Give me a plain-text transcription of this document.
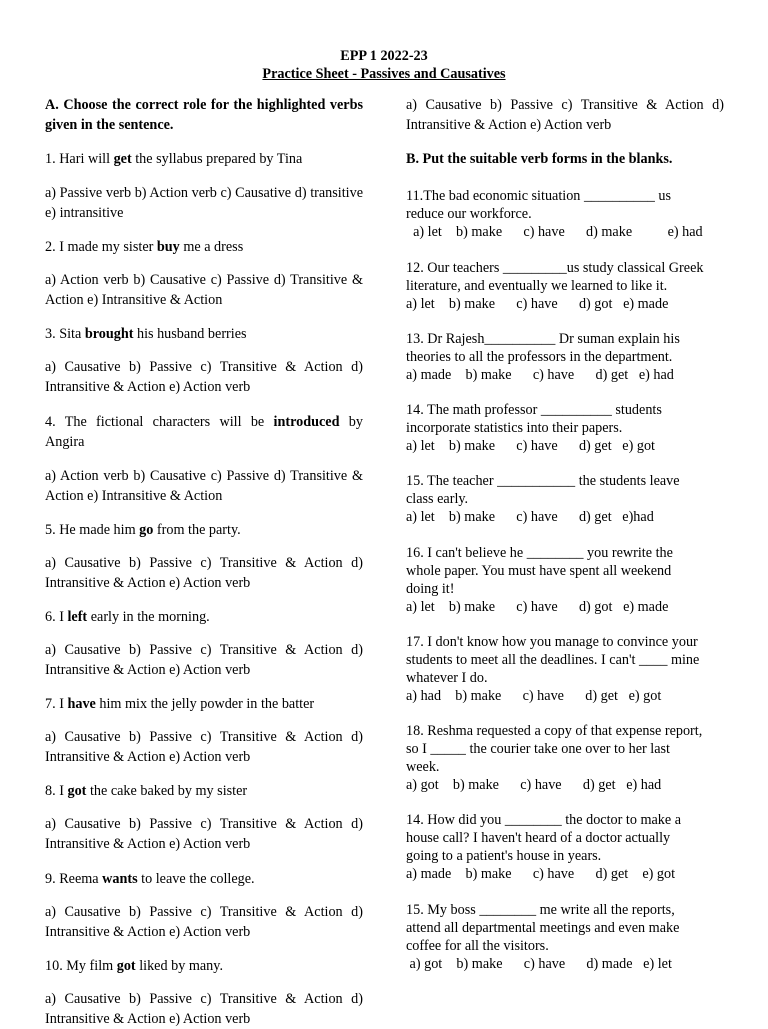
EPP 1 2022-23
Practice Sheet - Passives and Causatives
A. Choose the correct role for the highlighted verbs given in the sentence.
1. Hari will get the syllabus prepared by Tina
a) Passive verb b) Action verb c) Causative d) transitive e) intransitive
2. I made my sister buy me a dress
a) Action verb b) Causative c) Passive d) Transitive & Action e) Intransitive & Action
3. Sita brought his husband berries
a) Causative b) Passive c) Transitive & Action d) Intransitive & Action e) Action verb
4. The fictional characters will be introduced by Angira
a) Action verb b) Causative c) Passive d) Transitive & Action e) Intransitive & Action
5. He made him go from the party.
a) Causative b) Passive c) Transitive & Action d) Intransitive & Action e) Action verb
6. I left early in the morning.
a) Causative b) Passive c) Transitive & Action d) Intransitive & Action e) Action verb
7. I have him mix the jelly powder in the batter
a) Causative b) Passive c) Transitive & Action d) Intransitive & Action e) Action verb
8. I got the cake baked by my sister
a) Causative b) Passive c) Transitive & Action d) Intransitive & Action e) Action verb
9. Reema wants to leave the college.
a) Causative b) Passive c) Transitive & Action d) Intransitive & Action e) Action verb
10. My film got liked by many.
a) Causative b) Passive c) Transitive & Action d) Intransitive & Action e) Action verb
a) Causative b) Passive c) Transitive & Action d) Intransitive & Action e) Action verb
B. Put the suitable verb forms in the blanks.
11.The bad economic situation __________ us
reduce our workforce.
a) let    b) make      c) have      d) make          e) had
12. Our teachers _________us study classical Greek
literature, and eventually we learned to like it.
a) let    b) make      c) have      d) got   e) made
13. Dr Rajesh__________ Dr suman explain his
theories to all the professors in the department.
a) made    b) make      c) have      d) get   e) had
14. The math professor __________ students
incorporate statistics into their papers.
a) let    b) make      c) have      d) get   e) got
15. The teacher ___________ the students leave
class early.
a) let    b) make      c) have      d) get   e)had
16. I can't believe he ________ you rewrite the
whole paper. You must have spent all weekend
doing it!
a) let    b) make      c) have      d) got   e) made
17. I don't know how you manage to convince your
students to meet all the deadlines. I can't ____ mine
whatever I do.
a) had    b) make      c) have      d) get   e) got
18. Reshma requested a copy of that expense report,
so I _____ the courier take one over to her last
week.
a) got    b) make      c) have      d) get   e) had
14. How did you ________ the doctor to make a
house call? I haven't heard of a doctor actually
going to a patient's house in years.
a) made    b) make      c) have      d) get    e) got
15. My boss ________ me write all the reports,
attend all departmental meetings and even make
coffee for all the visitors.
a) got    b) make      c) have      d) made   e) let
